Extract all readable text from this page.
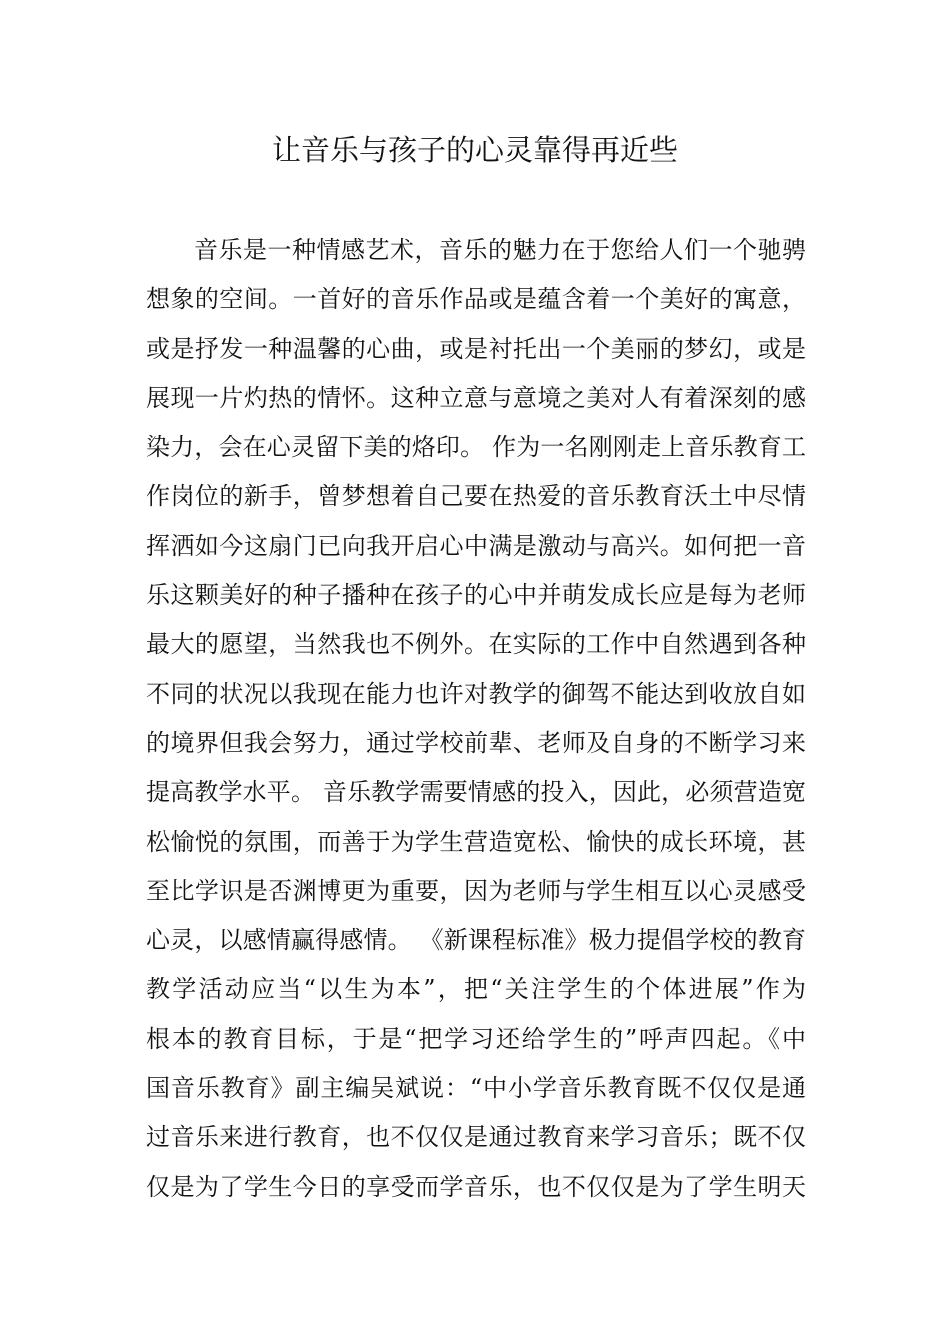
让音乐与孩子的心灵靠得再近些
音乐是一种情感艺术，音乐的魅力在于您给人们一个驰骋
想象的空间。一首好的音乐作品或是蕴含着一个美好的寓意，
或是抒发一种温馨的心曲，或是衬托出一个美丽的梦幻，或是
展现一片灼热的情怀。这种立意与意境之美对人有着深刻的感
染力，会在心灵留下美的烙印。 作为一名刚刚走上音乐教育工
作岗位的新手，曾梦想着自己要在热爱的音乐教育沃土中尽情
挥洒如今这扇门已向我开启心中满是激动与高兴。如何把一音
乐这颗美好的种子播种在孩子的心中并萌发成长应是每为老师
最大的愿望，当然我也不例外。在实际的工作中自然遇到各种
不同的状况以我现在能力也许对教学的御驾不能达到收放自如
的境界但我会努力，通过学校前辈、老师及自身的不断学习来
提高教学水平。 音乐教学需要情感的投入，因此，必须营造宽
松愉悦的氛围，而善于为学生营造宽松、愉快的成长环境，甚
至比学识是否渊博更为重要，因为老师与学生相互以心灵感受
心灵，以感情赢得感情。 《新课程标准》极力提倡学校的教育
教学活动应当“以生为本”，把“关注学生的个体进展”作为
根本的教育目标，于是“把学习还给学生的”呼声四起。《中
国音乐教育》副主编吴斌说：“中小学音乐教育既不仅仅是通
过音乐来进行教育，也不仅仅是通过教育来学习音乐；既不仅
仅是为了学生今日的享受而学音乐，也不仅仅是为了学生明天
